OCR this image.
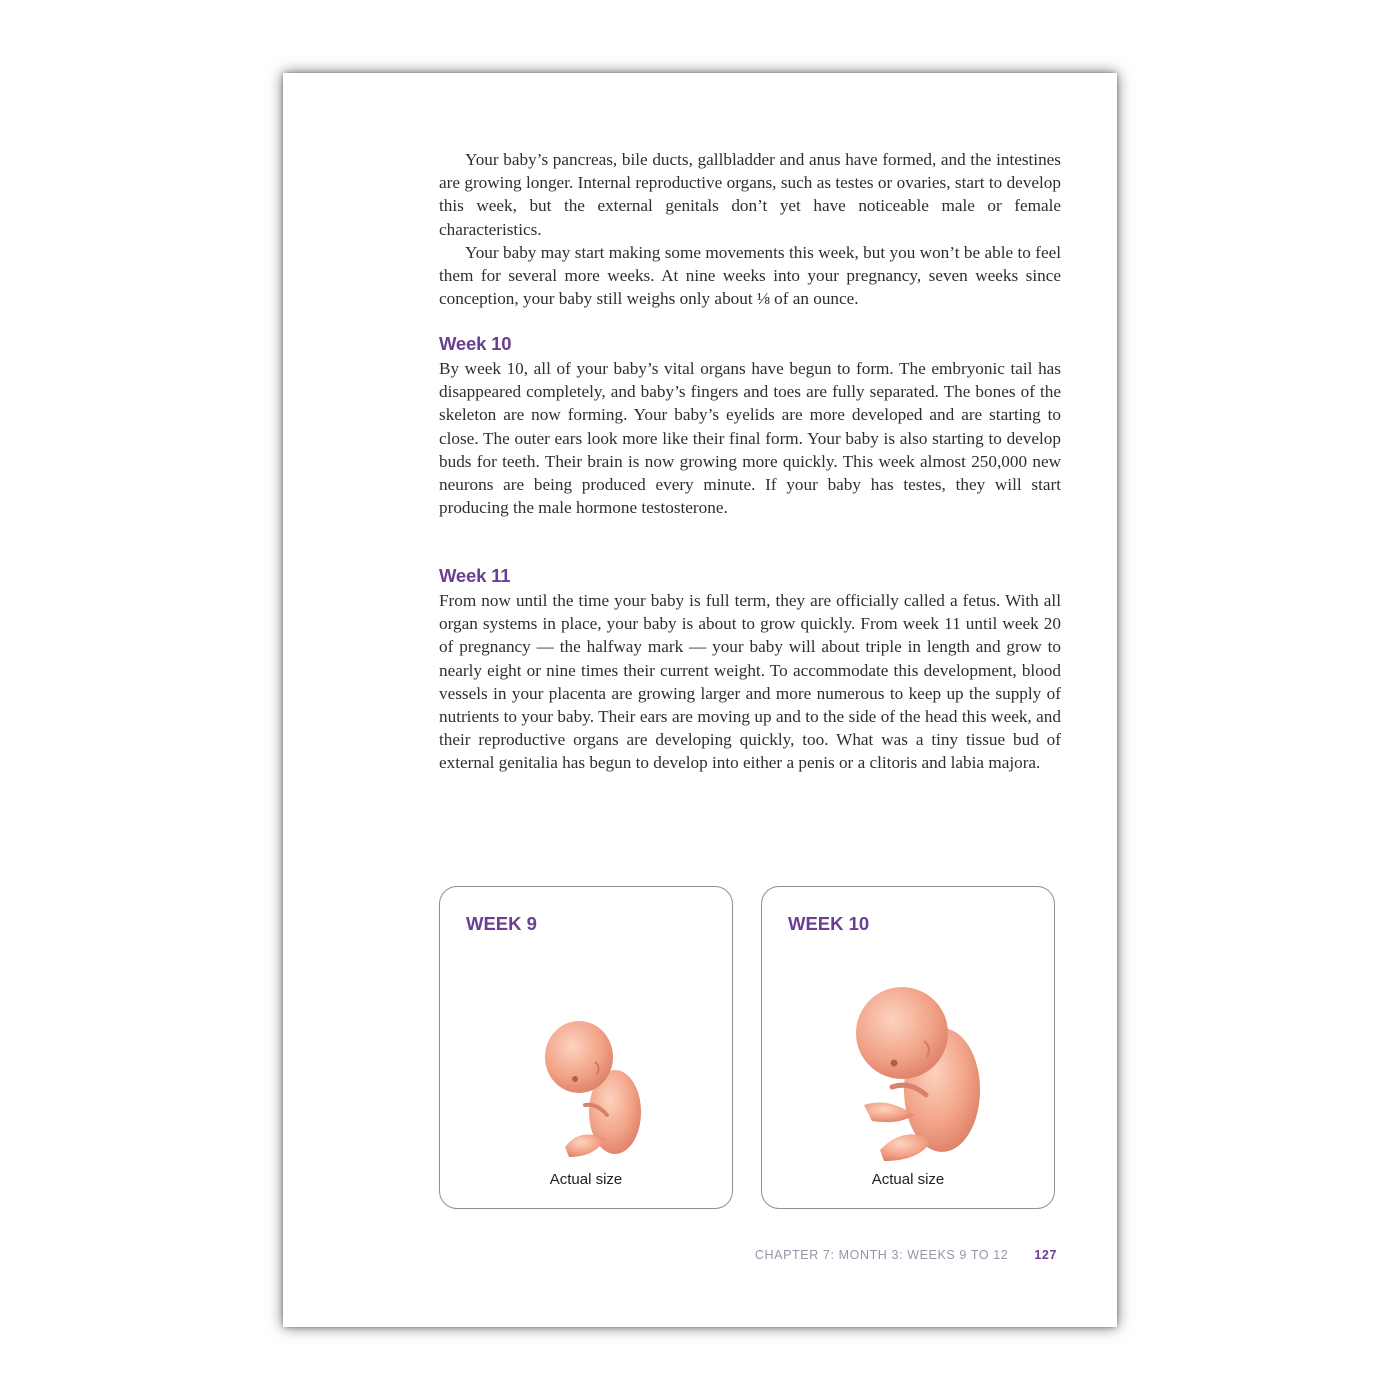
Your baby’s pancreas, bile ducts, gallbladder and anus have formed, and the intestines are growing longer. Internal reproductive organs, such as testes or ovaries, start to develop this week, but the external genitals don’t yet have noticeable male or female characteristics.

Your baby may start making some movements this week, but you won’t be able to feel them for several more weeks. At nine weeks into your pregnancy, seven weeks since conception, your baby still weighs only about ⅛ of an ounce.

Week 10

By week 10, all of your baby’s vital organs have begun to form. The embryonic tail has disappeared completely, and baby’s fingers and toes are fully separated. The bones of the skeleton are now forming. Your baby’s eyelids are more developed and are starting to close. The outer ears look more like their final form. Your baby is also starting to develop buds for teeth. Their brain is now growing more quickly. This week almost 250,000 new neurons are being produced every minute. If your baby has testes, they will start producing the male hormone testosterone.

Week 11

From now until the time your baby is full term, they are officially called a fetus. With all organ systems in place, your baby is about to grow quickly. From week 11 until week 20 of pregnancy — the halfway mark — your baby will about triple in length and grow to nearly eight or nine times their current weight. To accommodate this development, blood vessels in your placenta are growing larger and more numerous to keep up the supply of nutrients to your baby. Their ears are moving up and to the side of the head this week, and their reproductive organs are developing quickly, too. What was a tiny tissue bud of external genitalia has begun to develop into either a penis or a clitoris and labia majora.

WEEK 9
Actual size
WEEK 10
Actual size
CHAPTER 7: MONTH 3: WEEKS 9 TO 12 127
